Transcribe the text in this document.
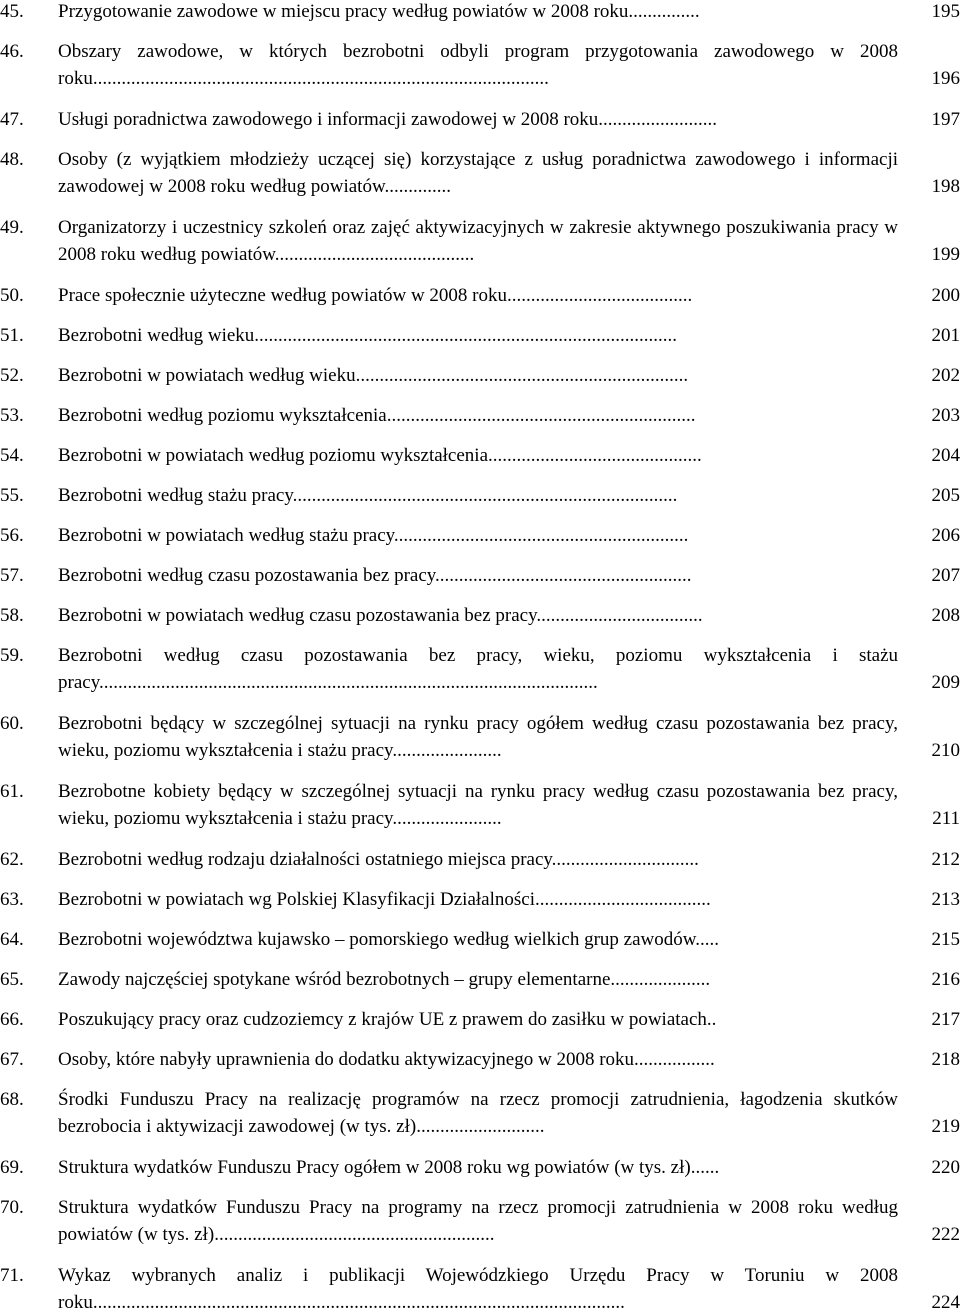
45. Przygotowanie zawodowe w miejscu pracy według powiatów w 2008 roku...............	195
46. Obszary zawodowe, w których bezrobotni odbyli program przygotowania zawodowego w 2008 roku................................................................................................	196
47. Usługi poradnictwa zawodowego i informacji zawodowej w 2008 roku.........................	197
48. Osoby (z wyjątkiem młodzieży uczącej się) korzystające z usług poradnictwa zawodowego i informacji zawodowej w 2008 roku według powiatów..............	198
49. Organizatorzy i uczestnicy szkoleń oraz zajęć aktywizacyjnych w zakresie aktywnego poszukiwania pracy w 2008 roku według powiatów..........................................	199
50. Prace społecznie użyteczne według powiatów w 2008 roku.......................................	200
51. Bezrobotni według wieku.........................................................................................	201
52. Bezrobotni w powiatach według wieku......................................................................	202
53. Bezrobotni według poziomu wykształcenia.................................................................	203
54. Bezrobotni w powiatach według poziomu wykształcenia.............................................	204
55. Bezrobotni według stażu pracy.................................................................................	205
56. Bezrobotni w powiatach według stażu pracy..............................................................	206
57. Bezrobotni według czasu pozostawania bez pracy......................................................	207
58. Bezrobotni w powiatach według czasu pozostawania bez pracy...................................	208
59. Bezrobotni według czasu pozostawania bez pracy, wieku, poziomu wykształcenia i stażu pracy.........................................................................................................	209
60. Bezrobotni będący w szczególnej sytuacji na rynku pracy ogółem według czasu pozostawania bez pracy, wieku, poziomu wykształcenia i stażu pracy.......................	210
61. Bezrobotne kobiety będący w szczególnej sytuacji na rynku pracy według czasu pozostawania bez pracy, wieku, poziomu wykształcenia i stażu pracy.......................	211
62. Bezrobotni według rodzaju działalności ostatniego miejsca pracy...............................	212
63. Bezrobotni w powiatach wg Polskiej Klasyfikacji Działalności.....................................	213
64. Bezrobotni województwa kujawsko – pomorskiego według wielkich grup zawodów.....	215
65. Zawody najczęściej spotykane wśród bezrobotnych – grupy elementarne.....................	216
66. Poszukujący pracy oraz cudzoziemcy z krajów UE z prawem do zasiłku w powiatach..	217
67. Osoby, które nabyły uprawnienia do dodatku aktywizacyjnego w 2008 roku.................	218
68. Środki Funduszu Pracy na realizację programów na rzecz promocji zatrudnienia, łagodzenia skutków bezrobocia i aktywizacji zawodowej (w tys. zł)...........................	219
69. Struktura wydatków Funduszu Pracy ogółem w 2008 roku wg powiatów (w tys. zł)......	220
70. Struktura wydatków Funduszu Pracy na programy na rzecz promocji zatrudnienia w 2008 roku według powiatów (w tys. zł)...........................................................	222
71. Wykaz wybranych analiz i publikacji Wojewódzkiego Urzędu Pracy w Toruniu w 2008 roku................................................................................................................	224
